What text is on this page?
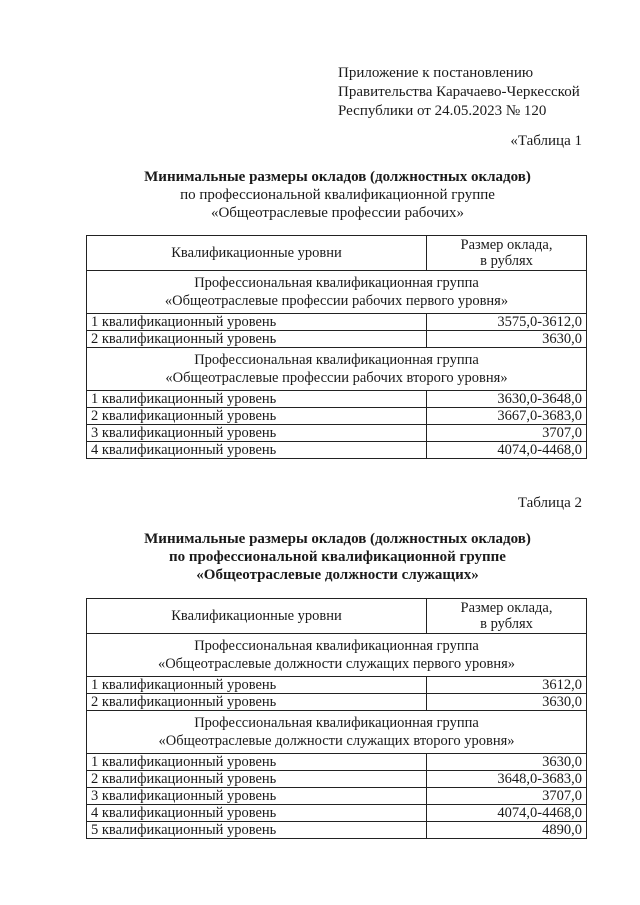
Приложение к постановлению
Правительства Карачаево-Черкесской
Республики от 24.05.2023 № 120
«Таблица 1
Минимальные размеры окладов (должностных окладов)
по профессиональной квалификационной группе
«Общеотраслевые профессии рабочих»
Квалификационные уровни	Размер оклада,
в рублях

Профессиональная квалификационная группа
«Общеотраслевые профессии рабочих первого уровня»	

1 квалификационный уровень	3575,0-3612,0
2 квалификационный уровень	3630,0

Профессиональная квалификационная группа
«Общеотраслевые профессии рабочих второго уровня»	

1 квалификационный уровень	3630,0-3648,0
2 квалификационный уровень	3667,0-3683,0
3 квалификационный уровень	3707,0
4 квалификационный уровень	4074,0-4468,0
Таблица 2
Минимальные размеры окладов (должностных окладов)
по профессиональной квалификационной группе
«Общеотраслевые должности служащих»
Квалификационные уровни	Размер оклада,
в рублях

Профессиональная квалификационная группа
«Общеотраслевые должности служащих первого уровня»	

1 квалификационный уровень	3612,0
2 квалификационный уровень	3630,0

Профессиональная квалификационная группа
«Общеотраслевые должности служащих второго уровня»	

1 квалификационный уровень	3630,0
2 квалификационный уровень	3648,0-3683,0
3 квалификационный уровень	3707,0
4 квалификационный уровень	4074,0-4468,0
5 квалификационный уровень	4890,0
